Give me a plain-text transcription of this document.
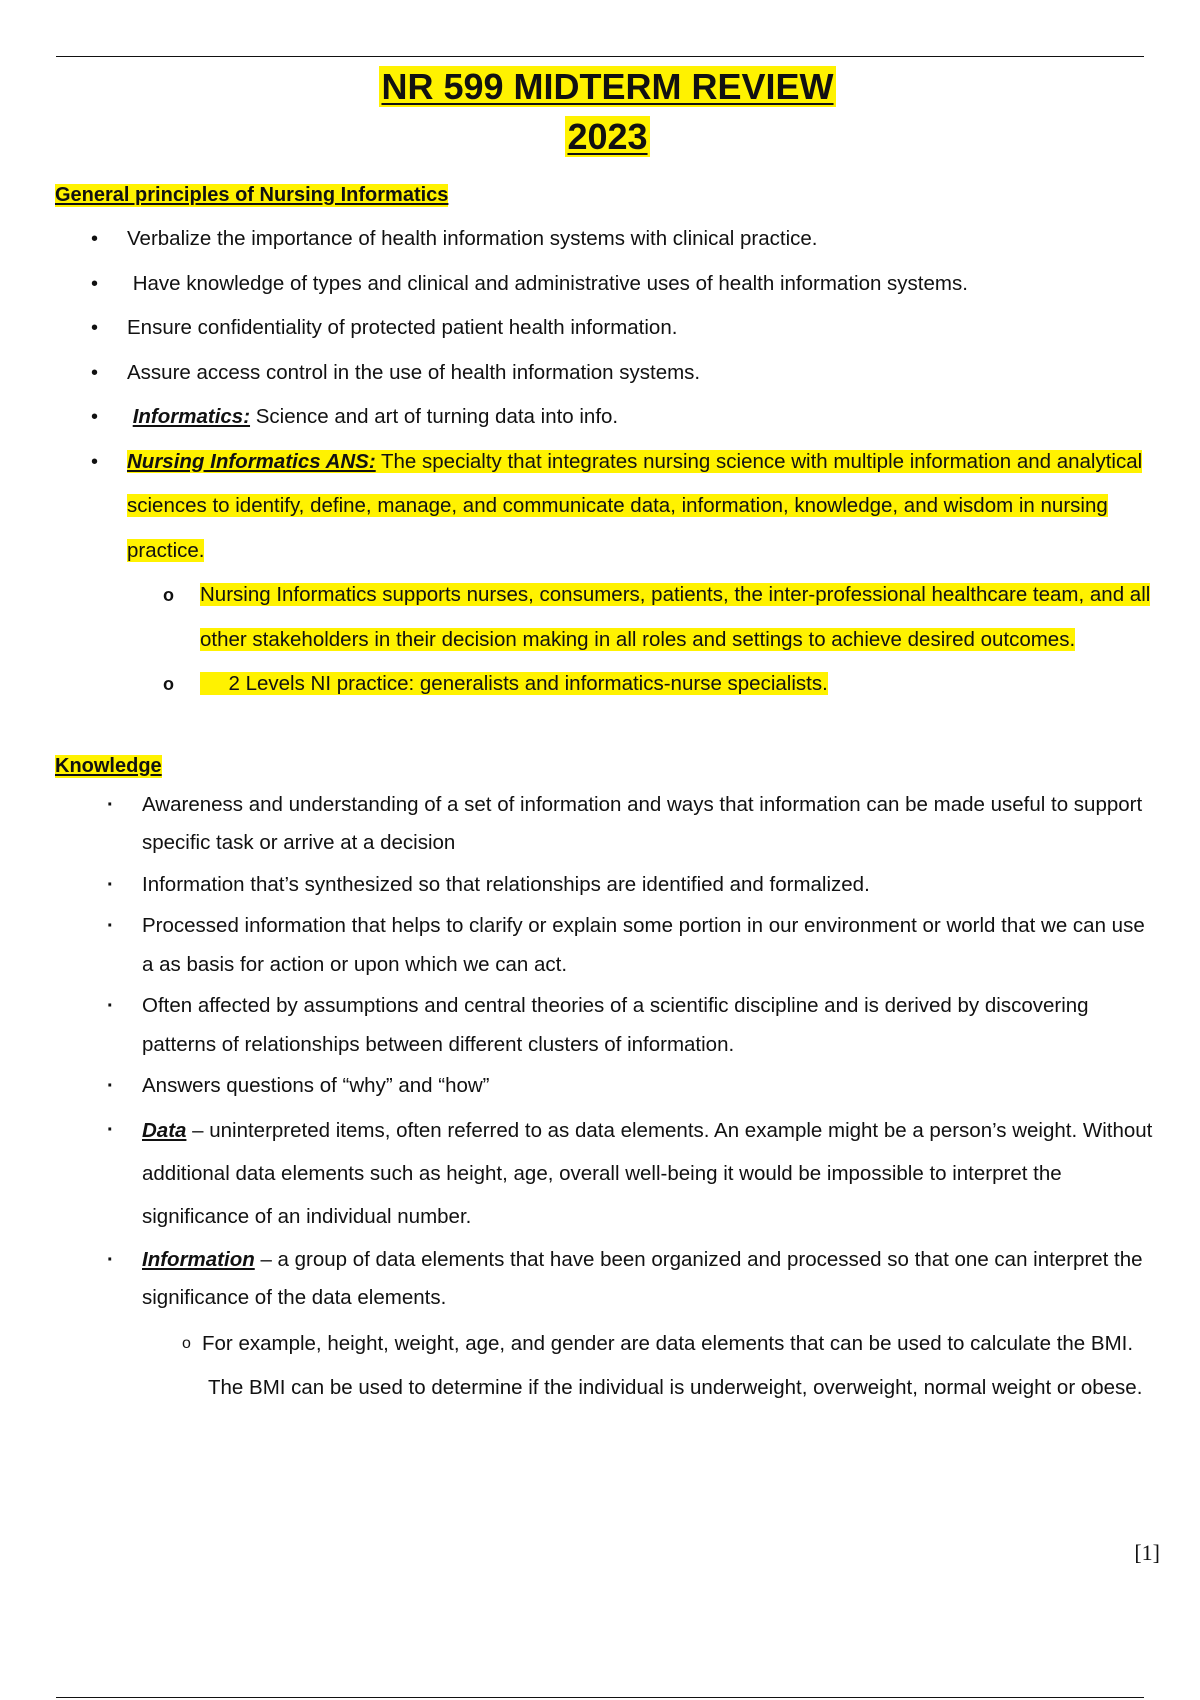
NR 599 MIDTERM REVIEW
2023
General principles of Nursing Informatics
• Verbalize the importance of health information systems with clinical practice.
•  Have knowledge of types and clinical and administrative uses of health information systems.
• Ensure confidentiality of protected patient health information.
• Assure access control in the use of health information systems.
• Informatics: Science and art of turning data into info.
• Nursing Informatics ANS: The specialty that integrates nursing science with multiple information and analytical sciences to identify, define, manage, and communicate data, information, knowledge, and wisdom in nursing practice.
o Nursing Informatics supports nurses, consumers, patients, the inter-professional healthcare team, and all other stakeholders in their decision making in all roles and settings to achieve desired outcomes.
o      2 Levels NI practice: generalists and informatics-nurse specialists.
Knowledge
· Awareness and understanding of a set of information and ways that information can be made useful to support specific task or arrive at a decision
· Information that’s synthesized so that relationships are identified and formalized.
· Processed information that helps to clarify or explain some portion in our environment or world that we can use a as basis for action or upon which we can act.
· Often affected by assumptions and central theories of a scientific discipline and is derived by discovering patterns of relationships between different clusters of information.
· Answers questions of “why” and “how”
· Data – uninterpreted items, often referred to as data elements. An example might be a person’s weight. Without additional data elements such as height, age, overall well-being it would be impossible to interpret the significance of an individual number.
· Information – a group of data elements that have been organized and processed so that one can interpret the significance of the data elements.
o For example, height, weight, age, and gender are data elements that can be used to calculate the BMI. The BMI can be used to determine if the individual is underweight, overweight, normal weight or obese.
[1]
